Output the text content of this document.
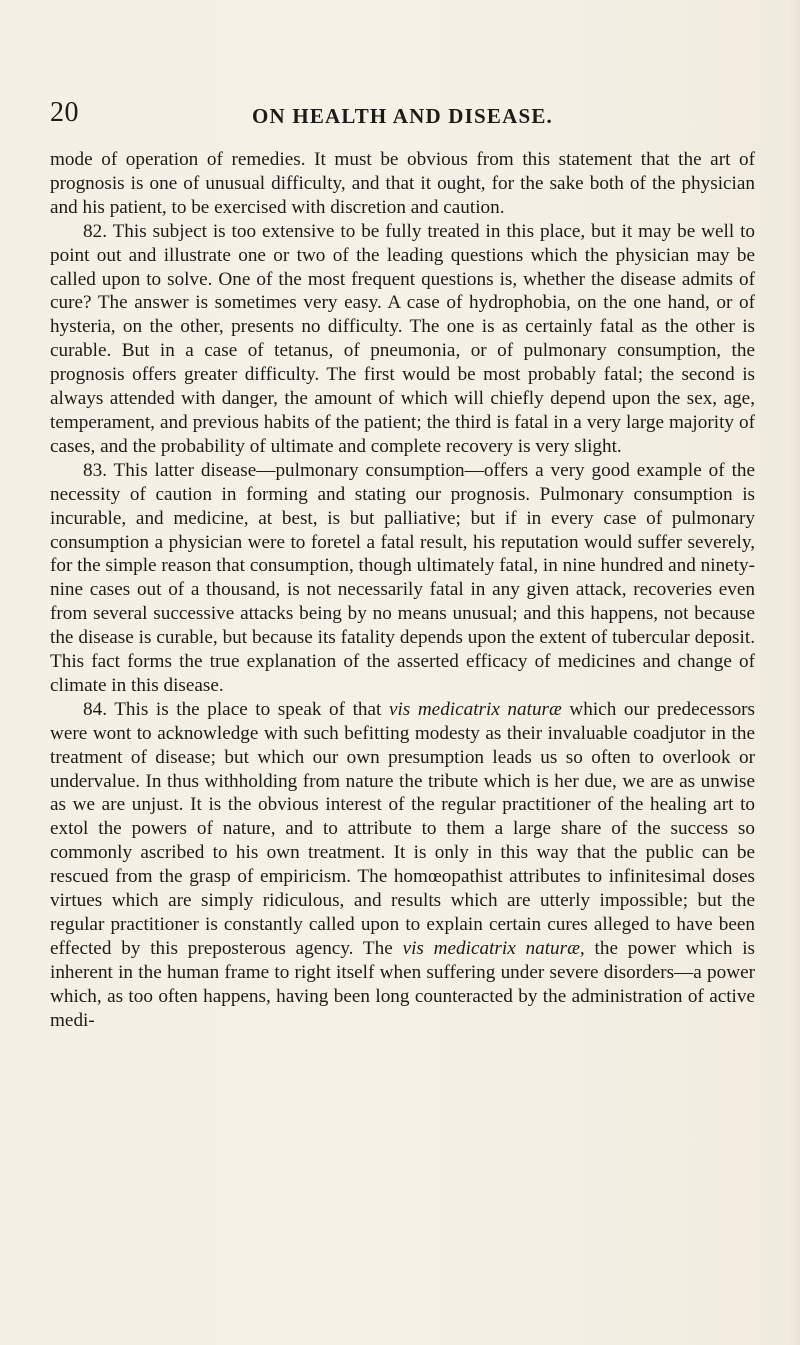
20	ON HEALTH AND DISEASE.

mode of operation of remedies. It must be obvious from this statement that the art of prognosis is one of unusual difficulty, and that it ought, for the sake both of the physician and his patient, to be exercised with discretion and caution.

82. This subject is too extensive to be fully treated in this place, but it may be well to point out and illustrate one or two of the leading questions which the physician may be called upon to solve. One of the most frequent questions is, whether the disease admits of cure? The answer is sometimes very easy. A case of hydrophobia, on the one hand, or of hysteria, on the other, presents no difficulty. The one is as certainly fatal as the other is curable. But in a case of tetanus, of pneumonia, or of pulmonary consumption, the prognosis offers greater difficulty. The first would be most probably fatal; the second is always attended with danger, the amount of which will chiefly depend upon the sex, age, temperament, and previous habits of the patient; the third is fatal in a very large majority of cases, and the probability of ultimate and complete recovery is very slight.

83. This latter disease—pulmonary consumption—offers a very good example of the necessity of caution in forming and stating our prognosis. Pulmonary consumption is incurable, and medicine, at best, is but palliative; but if in every case of pulmonary consumption a physician were to foretel a fatal result, his reputation would suffer severely, for the simple reason that consumption, though ultimately fatal, in nine hundred and ninety-nine cases out of a thousand, is not necessarily fatal in any given attack, recoveries even from several successive attacks being by no means unusual; and this happens, not because the disease is curable, but because its fatality depends upon the extent of tubercular deposit. This fact forms the true explanation of the asserted efficacy of medicines and change of climate in this disease.

84. This is the place to speak of that vis medicatrix naturæ which our predecessors were wont to acknowledge with such befitting modesty as their invaluable coadjutor in the treatment of disease; but which our own presumption leads us so often to overlook or undervalue. In thus withholding from nature the tribute which is her due, we are as unwise as we are unjust. It is the obvious interest of the regular practitioner of the healing art to extol the powers of nature, and to attribute to them a large share of the success so commonly ascribed to his own treatment. It is only in this way that the public can be rescued from the grasp of empiricism. The homœopathist attributes to infinitesimal doses virtues which are simply ridiculous, and results which are utterly impossible; but the regular practitioner is constantly called upon to explain certain cures alleged to have been effected by this preposterous agency. The vis medicatrix naturæ, the power which is inherent in the human frame to right itself when suffering under severe disorders—a power which, as too often happens, having been long counteracted by the administration of active medi-
